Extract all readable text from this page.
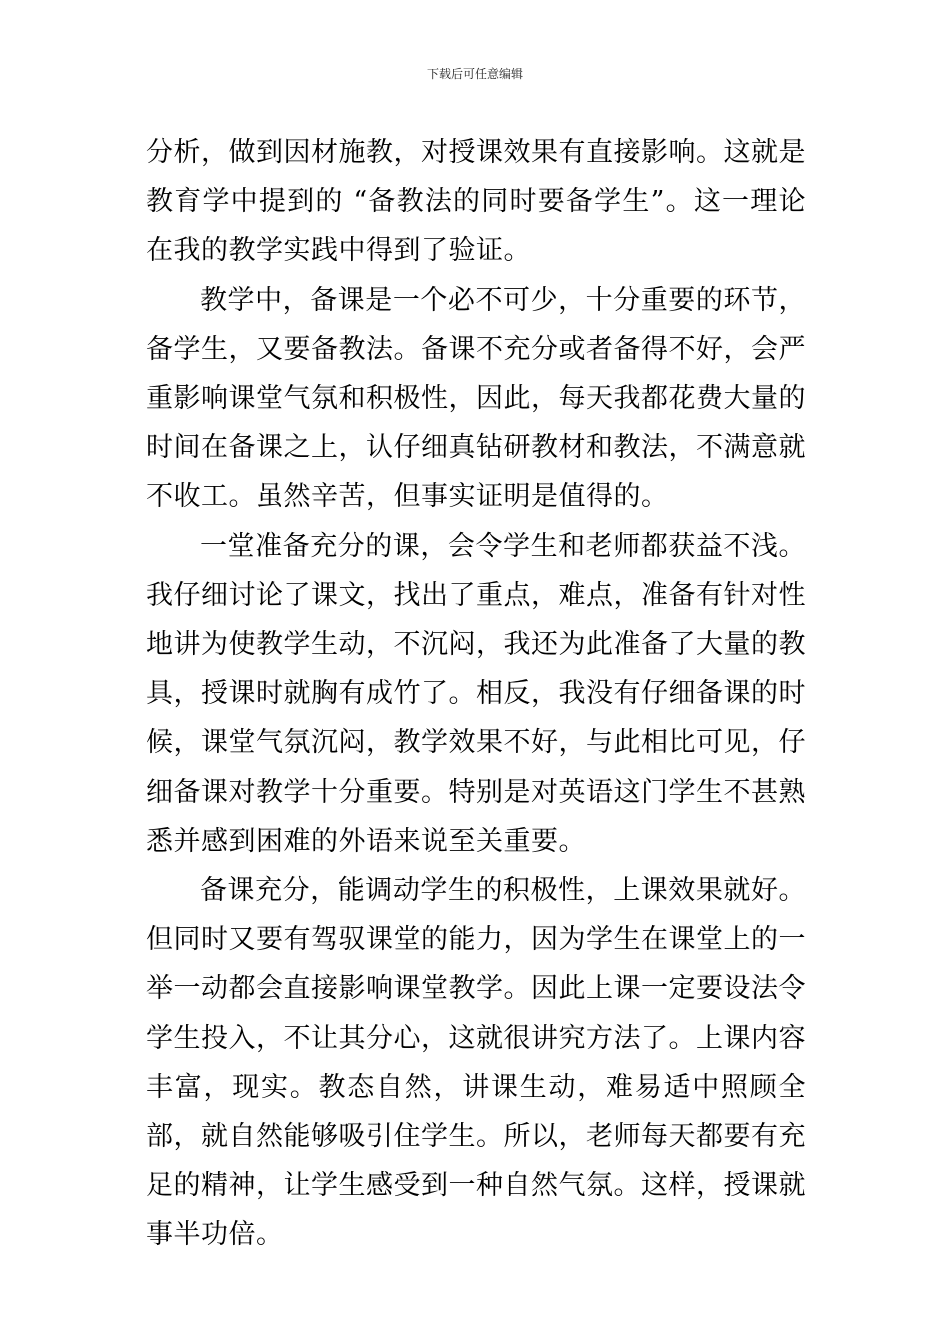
下载后可任意编辑

分析，做到因材施教，对授课效果有直接影响。这就是教育学中提到的 “备教法的同时要备学生”。这一理论在我的教学实践中得到了验证。

教学中，备课是一个必不可少，十分重要的环节，备学生，又要备教法。备课不充分或者备得不好，会严重影响课堂气氛和积极性，因此，每天我都花费大量的时间在备课之上，认仔细真钻研教材和教法，不满意就不收工。虽然辛苦，但事实证明是值得的。

一堂准备充分的课，会令学生和老师都获益不浅。我仔细讨论了课文，找出了重点，难点，准备有针对性地讲为使教学生动，不沉闷，我还为此准备了大量的教具，授课时就胸有成竹了。相反，我没有仔细备课的时候，课堂气氛沉闷，教学效果不好，与此相比可见，仔细备课对教学十分重要。特别是对英语这门学生不甚熟悉并感到困难的外语来说至关重要。

备课充分，能调动学生的积极性，上课效果就好。但同时又要有驾驭课堂的能力，因为学生在课堂上的一举一动都会直接影响课堂教学。因此上课一定要设法令学生投入，不让其分心，这就很讲究方法了。上课内容丰富，现实。教态自然，讲课生动，难易适中照顾全部，就自然能够吸引住学生。所以，老师每天都要有充足的精神，让学生感受到一种自然气氛。这样，授课就事半功倍。
